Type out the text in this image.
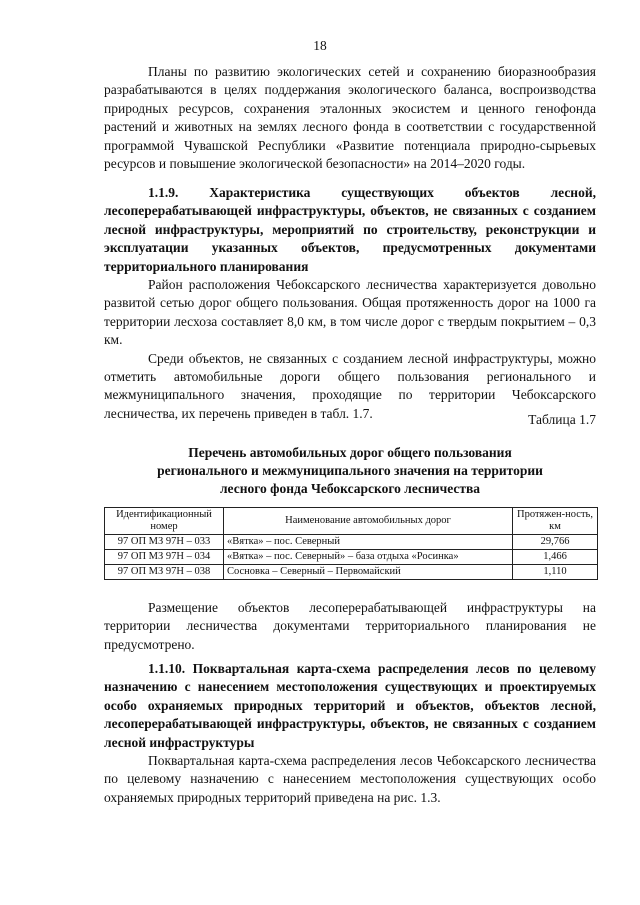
18

Планы по развитию экологических сетей и сохранению биоразнообразия разрабатываются в целях поддержания экологического баланса, воспроизводства природных ресурсов, сохранения эталонных экосистем и ценного генофонда растений и животных на землях лесного фонда в соответствии с государственной программой Чувашской Республики «Развитие потенциала природно-сырьевых ресурсов и повышение экологической безопасности» на 2014–2020 годы.

1.1.9. Характеристика существующих объектов лесной, лесоперерабатывающей инфраструктуры, объектов, не связанных с созданием лесной инфраструктуры, мероприятий по строительству, реконструкции и эксплуатации указанных объектов, предусмотренных документами территориального планирования

Район расположения Чебоксарского лесничества характеризуется довольно развитой сетью дорог общего пользования. Общая протяженность дорог на 1000 га территории лесхоза составляет 8,0 км, в том числе дорог с твердым покрытием – 0,3 км.

Среди объектов, не связанных с созданием лесной инфраструктуры, можно отметить автомобильные дороги общего пользования регионального и межмуниципального значения, проходящие по территории Чебоксарского лесничества, их перечень приведен в табл. 1.7.	Таблица 1.7
Перечень автомобильных дорог общего пользования
регионального и межмуниципального значения на территории
лесного фонда Чебоксарского лесничества
Идентификационный номер	Наименование автомобильных дорог	Протяжен-ность, км
97 ОП МЗ 97Н – 033	«Вятка» – пос. Северный	29,766
97 ОП МЗ 97Н – 034	«Вятка» – пос. Северный» – база отдыха «Росинка»	1,466
97 ОП МЗ 97Н – 038	Сосновка – Северный – Первомайский	1,110

Размещение объектов лесоперерабатывающей инфраструктуры на территории лесничества документами территориального планирования не предусмотрено.

1.1.10. Поквартальная карта-схема распределения лесов по целевому назначению с нанесением местоположения существующих и проектируемых особо охраняемых природных территорий и объектов, объектов лесной, лесоперерабатывающей инфраструктуры, объектов, не связанных с созданием лесной инфраструктуры

Поквартальная карта-схема распределения лесов Чебоксарского лесничества по целевому назначению с нанесением местоположения существующих особо охраняемых природных территорий приведена на рис. 1.3.
